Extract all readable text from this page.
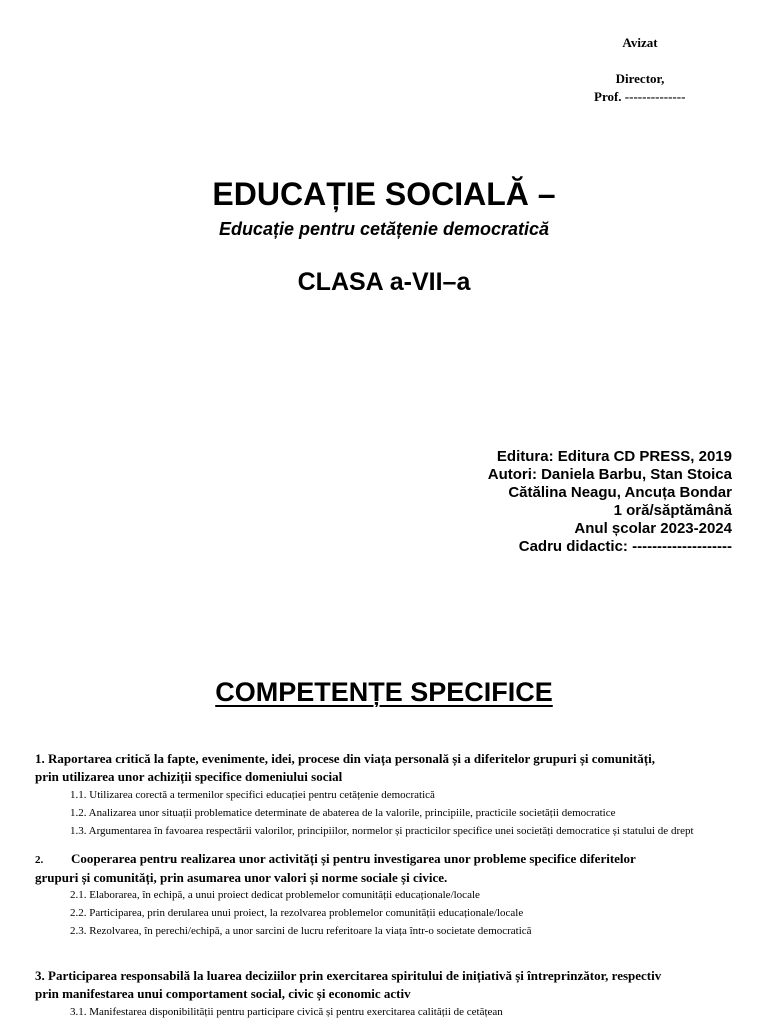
Avizat
Director,
Prof. --------------
EDUCAȚIE SOCIALĂ –
Educație pentru cetățenie democratică
CLASA a-VII–a
Editura: Editura CD PRESS, 2019
Autori: Daniela Barbu, Stan Stoica
Cătălina Neagu, Ancuța Bondar
1 oră/săptămână
Anul școlar 2023-2024
Cadru didactic: --------------------
COMPETENȚE SPECIFICE
1. Raportarea critică la fapte, evenimente, idei, procese din viața personală și a diferitelor grupuri și comunități,
prin utilizarea unor achiziții specifice domeniului social
1.1. Utilizarea corectă a termenilor specifici educației pentru cetățenie democratică
1.2. Analizarea unor situații problematice determinate de abaterea de la valorile, principiile, practicile societății democratice
1.3. Argumentarea în favoarea respectării valorilor, principiilor, normelor și practicilor specifice unei societăți democratice și statului de drept
2. Cooperarea pentru realizarea unor activități și pentru investigarea unor probleme specifice diferitelor
grupuri și comunități, prin asumarea unor valori și norme sociale și civice.
2.1. Elaborarea, în echipă, a unui proiect dedicat problemelor comunității educaționale/locale
2.2. Participarea, prin derularea unui proiect, la rezolvarea problemelor comunității educaționale/locale
2.3. Rezolvarea, în perechi/echipă, a unor sarcini de lucru referitoare la viața într-o societate democratică
3. Participarea responsabilă la luarea deciziilor prin exercitarea spiritului de inițiativă și întreprinzător, respectiv
prin manifestarea unui comportament social, civic și economic activ
3.1. Manifestarea disponibilității pentru participare civică și pentru exercitarea calității de cetățean
